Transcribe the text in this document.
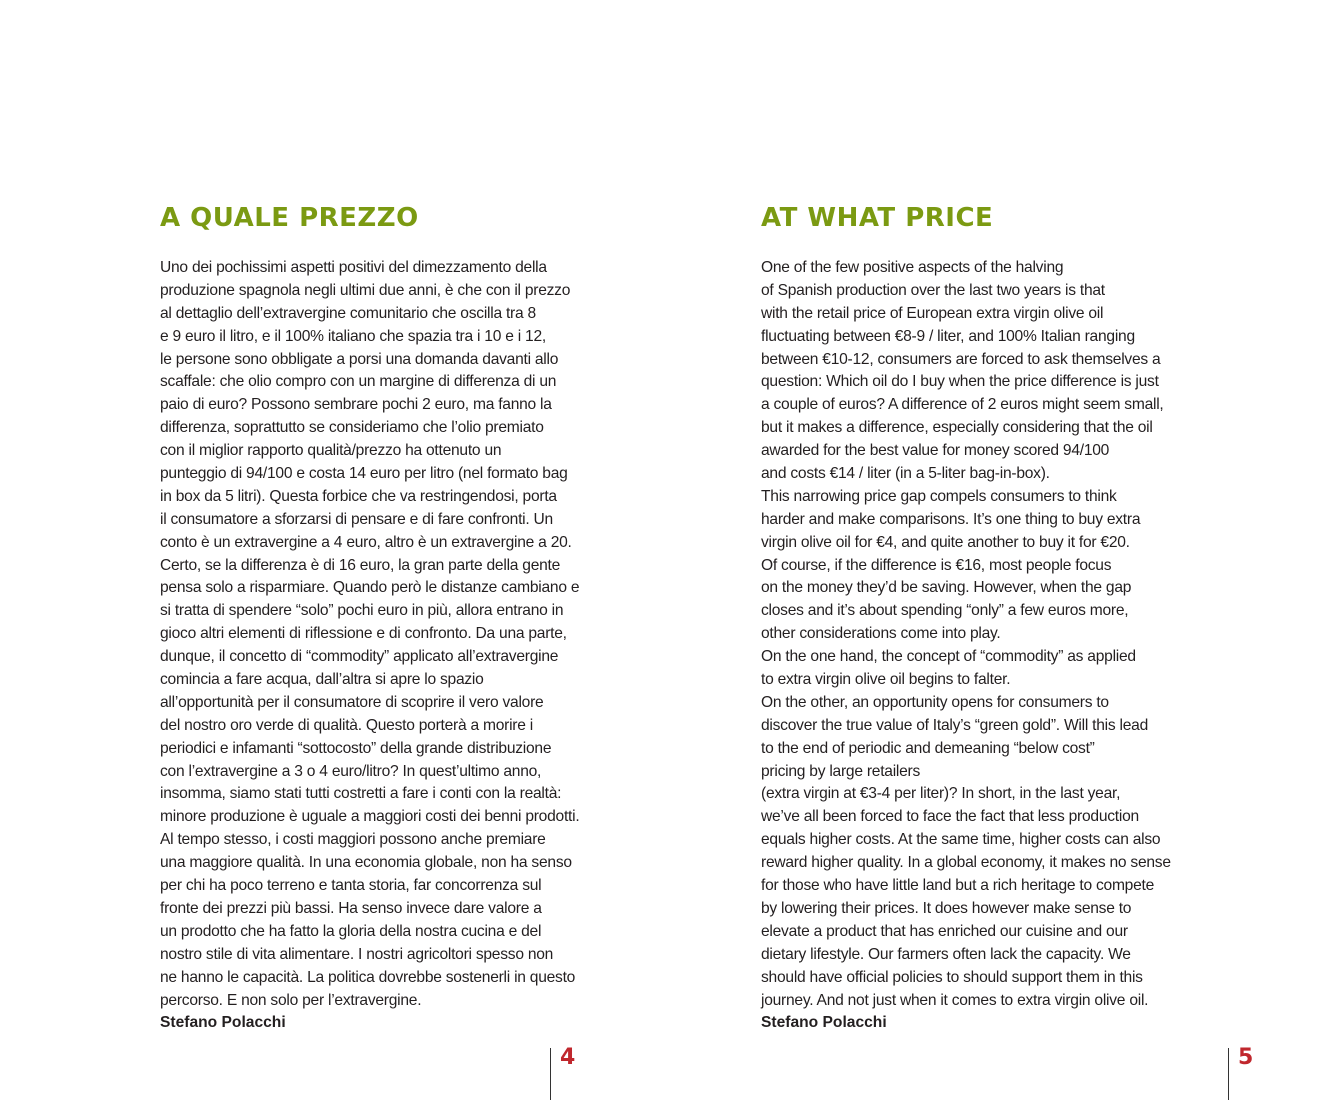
A QUALE PREZZO
Uno dei pochissimi aspetti positivi del dimezzamento della
produzione spagnola negli ultimi due anni, è che con il prezzo
al dettaglio dell’extravergine comunitario che oscilla tra 8
e 9 euro il litro, e il 100% italiano che spazia tra i 10 e i 12,
le persone sono obbligate a porsi una domanda davanti allo
scaffale: che olio compro con un margine di differenza di un
paio di euro? Possono sembrare pochi 2 euro, ma fanno la
differenza, soprattutto se consideriamo che l’olio premiato
con il miglior rapporto qualità/prezzo ha ottenuto un
punteggio di 94/100 e costa 14 euro per litro (nel formato bag
in box da 5 litri). Questa forbice che va restringendosi, porta
il consumatore a sforzarsi di pensare e di fare confronti. Un
conto è un extravergine a 4 euro, altro è un extravergine a 20.
Certo, se la differenza è di 16 euro, la gran parte della gente
pensa solo a risparmiare. Quando però le distanze cambiano e
si tratta di spendere “solo” pochi euro in più, allora entrano in
gioco altri elementi di riflessione e di confronto. Da una parte,
dunque, il concetto di “commodity” applicato all’extravergine
comincia a fare acqua, dall’altra si apre lo spazio
all’opportunità per il consumatore di scoprire il vero valore
del nostro oro verde di qualità. Questo porterà a morire i
periodici e infamanti “sottocosto” della grande distribuzione
con l’extravergine a 3 o 4 euro/litro? In quest’ultimo anno,
insomma, siamo stati tutti costretti a fare i conti con la realtà:
minore produzione è uguale a maggiori costi dei benni prodotti.
Al tempo stesso, i costi maggiori possono anche premiare
una maggiore qualità. In una economia globale, non ha senso
per chi ha poco terreno e tanta storia, far concorrenza sul
fronte dei prezzi più bassi. Ha senso invece dare valore a
un prodotto che ha fatto la gloria della nostra cucina e del
nostro stile di vita alimentare. I nostri agricoltori spesso non
ne hanno le capacità. La politica dovrebbe sostenerli in questo
percorso. E non solo per l’extravergine.
Stefano Polacchi
AT WHAT PRICE
One of the few positive aspects of the halving
of Spanish production over the last two years is that
with the retail price of European extra virgin olive oil
fluctuating between €8-9 / liter, and 100% Italian ranging
between €10-12, consumers are forced to ask themselves a
question: Which oil do I buy when the price difference is just
a couple of euros? A difference of 2 euros might seem small,
but it makes a difference, especially considering that the oil
awarded for the best value for money scored 94/100
and costs €14 / liter (in a 5-liter bag-in-box).
This narrowing price gap compels consumers to think
harder and make comparisons. It’s one thing to buy extra
virgin olive oil for €4, and quite another to buy it for €20.
Of course, if the difference is €16, most people focus
on the money they’d be saving. However, when the gap
closes and it’s about spending “only” a few euros more,
other considerations come into play.
On the one hand, the concept of “commodity” as applied
to extra virgin olive oil begins to falter.
On the other, an opportunity opens for consumers to
discover the true value of Italy’s “green gold”. Will this lead
to the end of periodic and demeaning “below cost”
pricing by large retailers
(extra virgin at €3-4 per liter)? In short, in the last year,
we’ve all been forced to face the fact that less production
equals higher costs. At the same time, higher costs can also
reward higher quality. In a global economy, it makes no sense
for those who have little land but a rich heritage to compete
by lowering their prices. It does however make sense to
elevate a product that has enriched our cuisine and our
dietary lifestyle. Our farmers often lack the capacity. We
should have official policies to should support them in this
journey. And not just when it comes to extra virgin olive oil.
Stefano Polacchi
4	5
